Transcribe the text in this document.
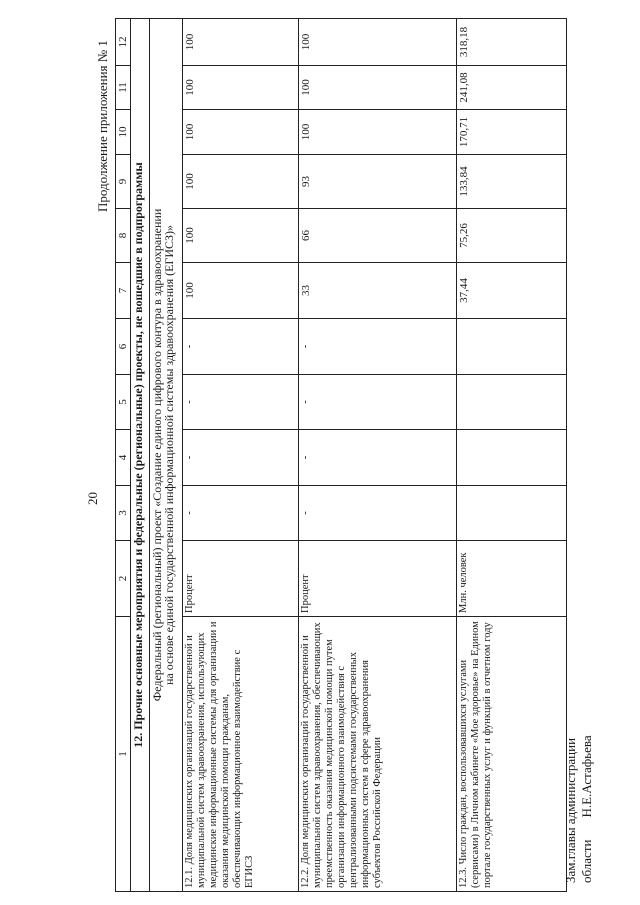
20
Продолжение приложения № 1
1	2	3	4	5	6	7	8	9	10	11	12
12. Прочие основные мероприятия и федеральные (региональные) проекты, не вошедшие в подпрограммы											

Федеральный (региональный) проект «Создание единого цифрового контура в здравоохранении
на основе единой государственной информационной системы здравоохранения (ЕГИСЗ)»											

12.1. Доля медицинских организаций государственной и муниципальной систем здравоохранения, использующих медицинские информационные системы для организации и оказания медицинской помощи гражданам, обеспечивающих информационное взаимодействие с ЕГИСЗ	Процент	-	-	-	-	100	100	100	100	100	100
12.2. Доля медицинских организаций государственной и муниципальной систем здравоохранения, обеспечивающих преемственность оказания медицинской помощи путем организации информационного взаимодействия с централизованными подсистемами государственных информационных систем в сфере здравоохранения субъектов Российской Федерации	Процент	-	-	-	-	33	66	93	100	100	100
12.3. Число граждан, воспользовавшихся услугами (сервисами) в Личном кабинете «Мое здоровье» на Едином портале государственных услуг и функций в отчетном году	Млн. человек					37,44	75,26	133,84	170,71	241,08	318,18
Зам.главы администрации областиН.Е.Астафьева
